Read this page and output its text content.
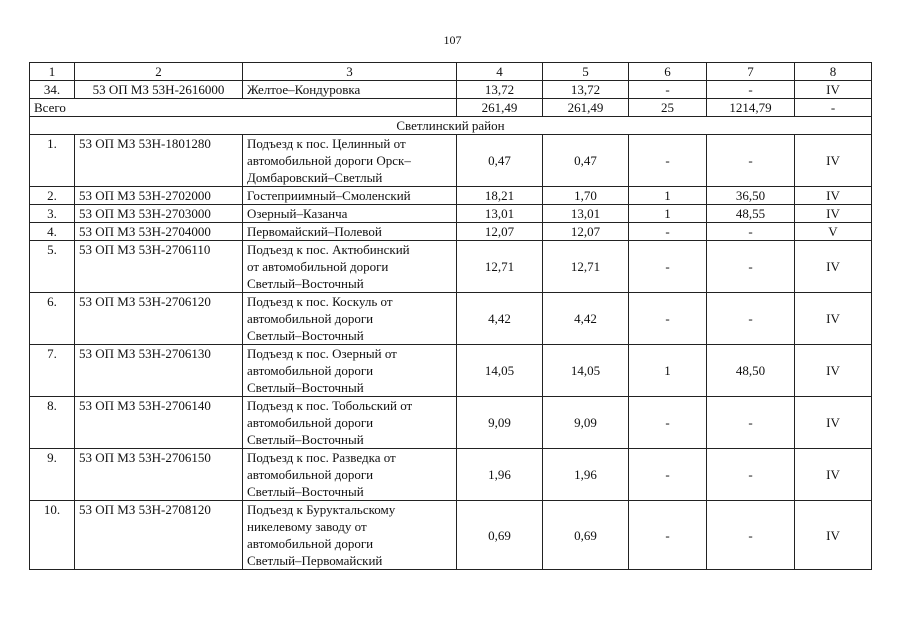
107
1	2	3	4	5	6	7	8
34.	53 ОП МЗ 53Н-2616000	Желтое–Кондуровка	13,72	13,72	-	-	IV
Всего			261,49	261,49	25	1214,79	-
Светлинский район							
1.	53 ОП МЗ 53Н-1801280	Подъезд к пос. Целинный от
автомобильной дороги Орск–
Домбаровский–Светлый	0,47	0,47	-	-	IV
2.	53 ОП МЗ 53Н-2702000	Гостеприимный–Смоленский	18,21	1,70	1	36,50	IV
3.	53 ОП МЗ 53Н-2703000	Озерный–Казанча	13,01	13,01	1	48,55	IV
4.	53 ОП МЗ 53Н-2704000	Первомайский–Полевой	12,07	12,07	-	-	V
5.	53 ОП МЗ 53Н-2706110	Подъезд к пос. Актюбинский
от автомобильной дороги
Светлый–Восточный	12,71	12,71	-	-	IV
6.	53 ОП МЗ 53Н-2706120	Подъезд к пос. Коскуль от
автомобильной дороги
Светлый–Восточный	4,42	4,42	-	-	IV
7.	53 ОП МЗ 53Н-2706130	Подъезд к пос. Озерный от
автомобильной дороги
Светлый–Восточный	14,05	14,05	1	48,50	IV
8.	53 ОП МЗ 53Н-2706140	Подъезд к пос. Тобольский от
автомобильной дороги
Светлый–Восточный	9,09	9,09	-	-	IV
9.	53 ОП МЗ 53Н-2706150	Подъезд к пос. Разведка от
автомобильной дороги
Светлый–Восточный	1,96	1,96	-	-	IV
10.	53 ОП МЗ 53Н-2708120	Подъезд к Буруктальскому
никелевому заводу от
автомобильной дороги
Светлый–Первомайский	0,69	0,69	-	-	IV
